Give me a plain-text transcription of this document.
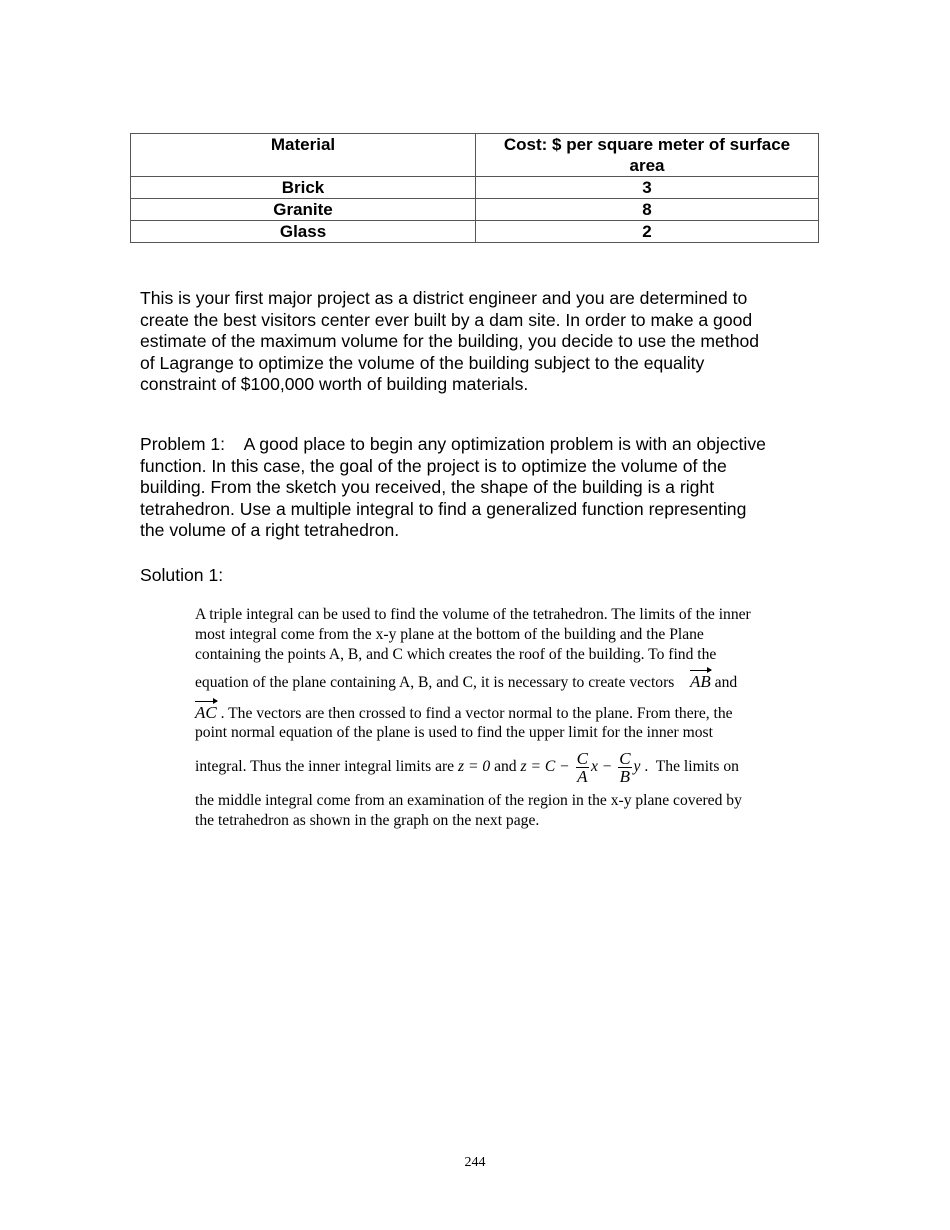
Material	Cost: $ per square meter of surface
area
Brick	3
Granite	8
Glass	2
This is your first major project as a district engineer and you are determined to
create the best visitors center ever built by a dam site. In order to make a good
estimate of the maximum volume for the building, you decide to use the method
of Lagrange to optimize the volume of the building subject to the equality
constraint of $100,000 worth of building materials.
Problem 1:    A good place to begin any optimization problem is with an objective
function. In this case, the goal of the project is to optimize the volume of the
building. From the sketch you received, the shape of the building is a right
tetrahedron. Use a multiple integral to find a generalized function representing
the volume of a right tetrahedron.
Solution 1:
A triple integral can be used to find the volume of the tetrahedron. The limits of the inner
most integral come from the x-y plane at the bottom of the building and the Plane
containing the points A, B, and C which creates the roof of the building. To find the
equation of the plane containing A, B, and C, it is necessary to create vectors    AB and
AC . The vectors are then crossed to find a vector normal to the plane. From there, the
point normal equation of the plane is used to find the upper limit for the inner most
integral. Thus the inner integral limits are z = 0 and $z = C - \frac{C}{A}$ $x - \frac{C}{B}$ y .  The limits on
the middle integral come from an examination of the region in the x-y plane covered by
the tetrahedron as shown in the graph on the next page.
244
